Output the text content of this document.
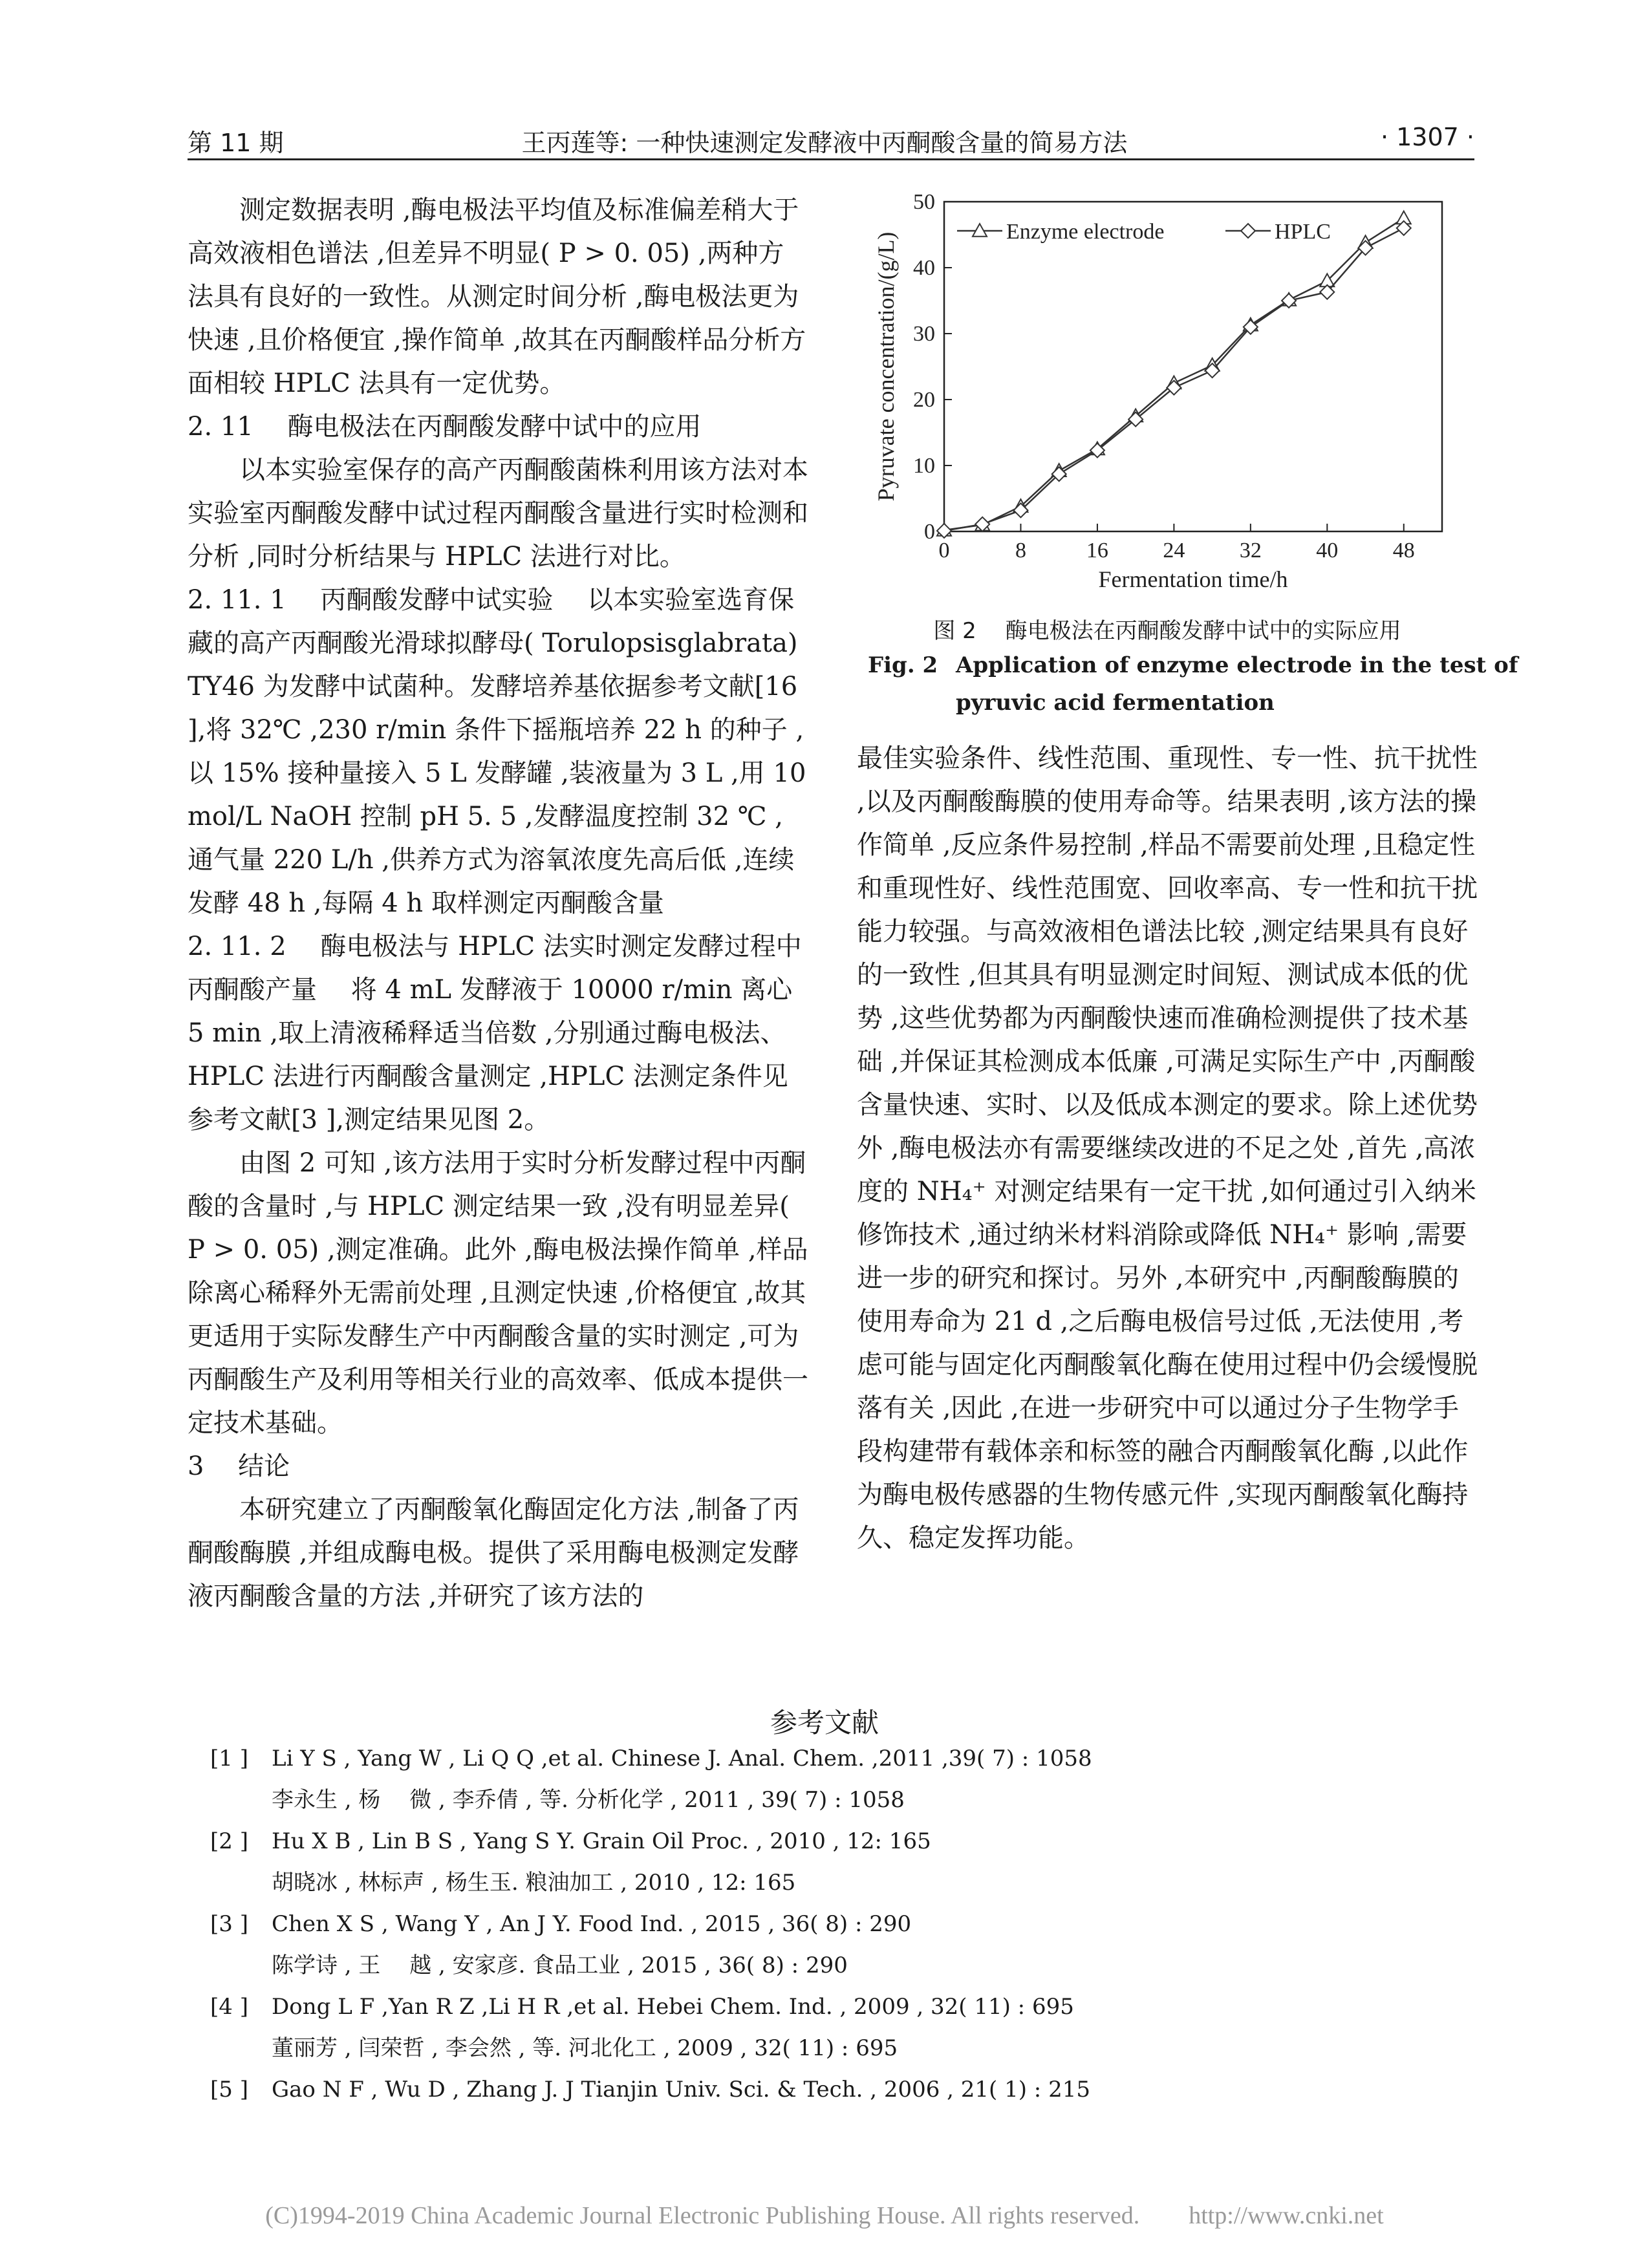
第 11 期	王丙莲等: 一种快速测定发酵液中丙酮酸含量的简易方法	· 1307 ·

测定数据表明 ,酶电极法平均值及标准偏差稍大于高效液相色谱法 ,但差异不明显( P > 0. 05) ,两种方法具有良好的一致性。从测定时间分析 ,酶电极法更为快速 ,且价格便宜 ,操作简单 ,故其在丙酮酸样品分析方面相较 HPLC 法具有一定优势。

2. 11　 酶电极法在丙酮酸发酵中试中的应用

以本实验室保存的高产丙酮酸菌株利用该方法对本实验室丙酮酸发酵中试过程丙酮酸含量进行实时检测和分析 ,同时分析结果与 HPLC 法进行对比。

2. 11. 1　 丙酮酸发酵中试实验　 以本实验室选育保藏的高产丙酮酸光滑球拟酵母( Torulopsisglabrata) TY46 为发酵中试菌种。发酵培养基依据参考文献[16 ],将 32℃ ,230 r/min 条件下摇瓶培养 22 h 的种子 ,以 15% 接种量接入 5 L 发酵罐 ,装液量为 3 L ,用 10 mol/L NaOH 控制 pH 5. 5 ,发酵温度控制 32 ℃ ,通气量 220 L/h ,供养方式为溶氧浓度先高后低 ,连续发酵 48 h ,每隔 4 h 取样测定丙酮酸含量

2. 11. 2　 酶电极法与 HPLC 法实时测定发酵过程中丙酮酸产量　 将 4 mL 发酵液于 10000 r/min 离心 5 min ,取上清液稀释适当倍数 ,分别通过酶电极法、HPLC 法进行丙酮酸含量测定 ,HPLC 法测定条件见参考文献[3 ],测定结果见图 2。

由图 2 可知 ,该方法用于实时分析发酵过程中丙酮酸的含量时 ,与 HPLC 测定结果一致 ,没有明显差异( P > 0. 05) ,测定准确。此外 ,酶电极法操作简单 ,样品除离心稀释外无需前处理 ,且测定快速 ,价格便宜 ,故其更适用于实际发酵生产中丙酮酸含量的实时测定 ,可为丙酮酸生产及利用等相关行业的高效率、低成本提供一定技术基础。

3　 结论

本研究建立了丙酮酸氧化酶固定化方法 ,制备了丙酮酸酶膜 ,并组成酶电极。提供了采用酶电极测定发酵液丙酮酸含量的方法 ,并研究了该方法的

0	8	16 24 32 40 48
0
10
20
30
40
50
Fermentation time/h
Pyruvate concentration/(g/L)
Enzyme electrode	HPLC
图 2　 酶电极法在丙酮酸发酵中试中的实际应用
Fig. 2 Application of enzyme electrode in the test of
pyruvic acid fermentation

最佳实验条件、线性范围、重现性、专一性、抗干扰性 ,以及丙酮酸酶膜的使用寿命等。结果表明 ,该方法的操作简单 ,反应条件易控制 ,样品不需要前处理 ,且稳定性和重现性好、线性范围宽、回收率高、专一性和抗干扰能力较强。与高效液相色谱法比较 ,测定结果具有良好的一致性 ,但其具有明显测定时间短、测试成本低的优势 ,这些优势都为丙酮酸快速而准确检测提供了技术基础 ,并保证其检测成本低廉 ,可满足实际生产中 ,丙酮酸含量快速、实时、以及低成本测定的要求。除上述优势外 ,酶电极法亦有需要继续改进的不足之处 ,首先 ,高浓度的 NH₄⁺ 对测定结果有一定干扰 ,如何通过引入纳米修饰技术 ,通过纳米材料消除或降低 NH₄⁺ 影响 ,需要进一步的研究和探讨。另外 ,本研究中 ,丙酮酸酶膜的使用寿命为 21 d ,之后酶电极信号过低 ,无法使用 ,考虑可能与固定化丙酮酸氧化酶在使用过程中仍会缓慢脱落有关 ,因此 ,在进一步研究中可以通过分子生物学手段构建带有载体亲和标签的融合丙酮酸氧化酶 ,以此作为酶电极传感器的生物传感元件 ,实现丙酮酸氧化酶持久、稳定发挥功能。

参考文献
[1 ] Li Y S , Yang W , Li Q Q ,et al. Chinese J. Anal. Chem. ,2011 ,39( 7) : 1058
李永生 , 杨　 微 , 李乔倩 , 等. 分析化学 , 2011 , 39( 7) : 1058
[2 ] Hu X B , Lin B S , Yang S Y. Grain Oil Proc. , 2010 , 12: 165
胡晓冰 , 林标声 , 杨生玉. 粮油加工 , 2010 , 12: 165
[3 ] Chen X S , Wang Y , An J Y. Food Ind. , 2015 , 36( 8) : 290
陈学诗 , 王　 越 , 安家彦. 食品工业 , 2015 , 36( 8) : 290
[4 ] Dong L F ,Yan R Z ,Li H R ,et al. Hebei Chem. Ind. , 2009 , 32( 11) : 695
董丽芳 , 闫荣哲 , 李会然 , 等. 河北化工 , 2009 , 32( 11) : 695
[5 ] Gao N F , Wu D , Zhang J. J Tianjin Univ. Sci. & Tech. , 2006 , 21( 1) : 215
(C)1994-2019 China Academic Journal Electronic Publishing House. All rights reserved.　　http://www.cnki.net
